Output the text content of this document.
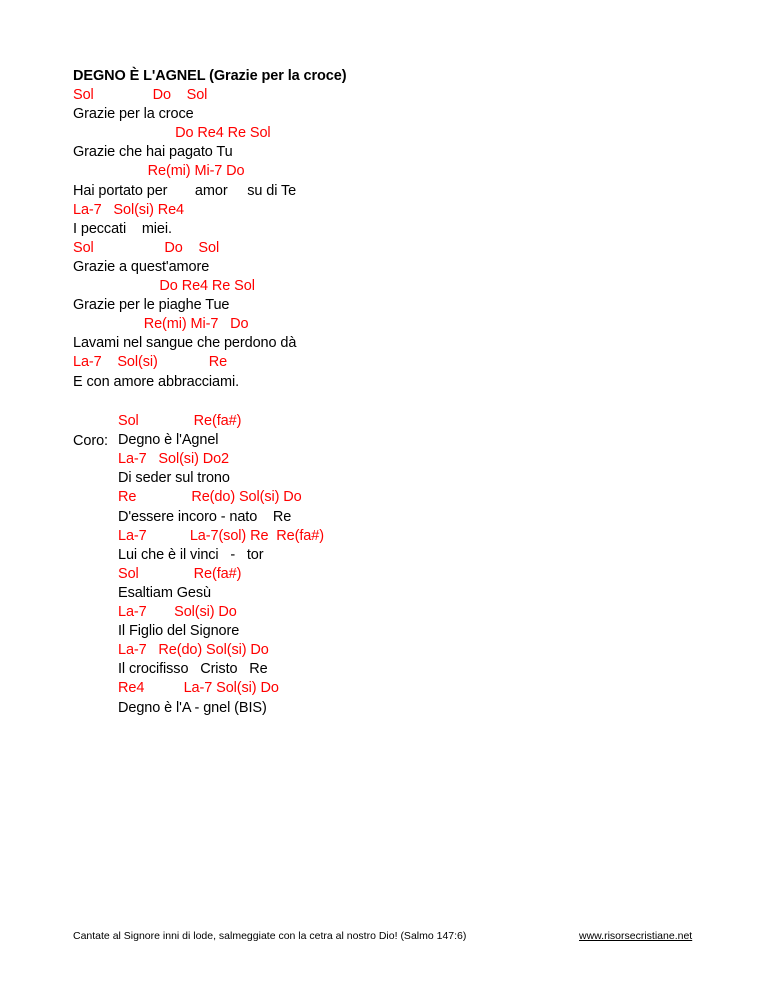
DEGNO È L'AGNEL (Grazie per la croce)
Sol               Do    Sol
Grazie per la croce
Do Re4 Re Sol
Grazie che hai pagato Tu
Re(mi) Mi-7 Do
Hai portato per       amor     su di Te
La-7   Sol(si) Re4
I peccati    miei.
Sol                  Do    Sol
Grazie a quest'amore
Do Re4 Re Sol
Grazie per le piaghe Tue
Re(mi) Mi-7   Do
Lavami nel sangue che perdono dà
La-7    Sol(si)             Re
E con amore abbracciami.
Coro:
Sol              Re(fa#)
Degno è l'Agnel
La-7   Sol(si) Do2
Di seder sul trono
Re              Re(do) Sol(si) Do
D'essere incoro - nato    Re
La-7           La-7(sol) Re  Re(fa#)
Lui che è il vinci   -   tor
Sol              Re(fa#)
Esaltiam Gesù
La-7       Sol(si) Do
Il Figlio del Signore
La-7   Re(do) Sol(si) Do
Il crocifisso   Cristo   Re
Re4          La-7 Sol(si) Do
Degno è l'A - gnel (BIS)
Cantate al Signore inni di lode, salmeggiate con la cetra al nostro Dio! (Salmo 147:6)	www.risorsecristiane.net
